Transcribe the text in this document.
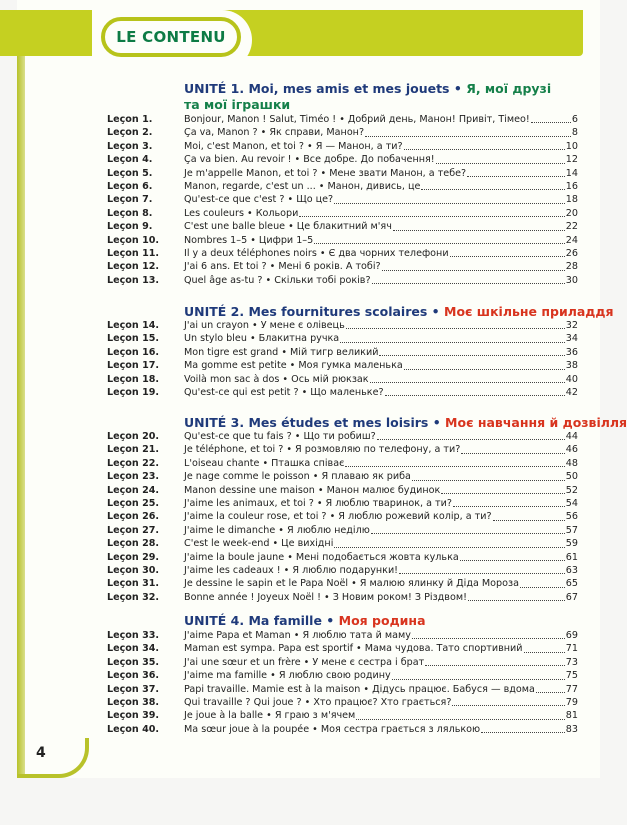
LE CONTENU
4
UNITÉ 1. Moi, mes amis et mes jouets • Я, мої друзі
та мої іграшки
Leçon 1.	Bonjour, Manon ! Salut, Timéo ! • Добрий день, Манон! Привіт, Тімео!	6
Leçon 2.	Ça va, Manon ? • Як справи, Манон?	8
Leçon 3.	Moi, c'est Manon, et toi ? • Я — Манон, а ти?	10
Leçon 4.	Ça va bien. Au revoir ! • Все добре. До побачення!	12
Leçon 5.	Je m'appelle Manon, et toi ? • Мене звати Манон, а тебе?	14
Leçon 6.	Manon, regarde, c'est un ... • Манон, дивись, це	16
Leçon 7.	Qu'est-ce que c'est ? • Що це?	18
Leçon 8.	Les couleurs • Кольори	20
Leçon 9.	C'est une balle bleue • Це блакитний м'яч	22
Leçon 10.	Nombres 1–5 • Цифри 1–5	24
Leçon 11.	Il y a deux téléphones noirs • Є два чорних телефони	26
Leçon 12.	J'ai 6 ans. Et toi ? • Мені 6 років. А тобі?	28
Leçon 13.	Quel âge as-tu ? • Скільки тобі років?	30
UNITÉ 2. Mes fournitures scolaires • Моє шкільне приладдя
Leçon 14.	J'ai un crayon • У мене є олівець	32
Leçon 15.	Un stylo bleu • Блакитна ручка	34
Leçon 16.	Mon tigre est grand • Мій тигр великий	36
Leçon 17.	Ma gomme est petite • Моя гумка маленька	38
Leçon 18.	Voilà mon sac à dos • Ось мій рюкзак	40
Leçon 19.	Qu'est-ce qui est petit ? • Що маленьке?	42
UNITÉ 3. Mes études et mes loisirs • Моє навчання й дозвілля
Leçon 20.	Qu'est-ce que tu fais ? • Що ти робиш?	44
Leçon 21.	Je téléphone, et toi ? • Я розмовляю по телефону, а ти?	46
Leçon 22.	L'oiseau chante • Пташка співає	48
Leçon 23.	Je nage comme le poisson • Я плаваю як риба	50
Leçon 24.	Manon dessine une maison • Манон малює будинок	52
Leçon 25.	J'aime les animaux, et toi ? • Я люблю тваринок, а ти?	54
Leçon 26.	J'aime la couleur rose, et toi ? • Я люблю рожевий колір, а ти?	56
Leçon 27.	J'aime le dimanche • Я люблю неділю	57
Leçon 28.	C'est le week-end • Це вихідні	59
Leçon 29.	J'aime la boule jaune • Мені подобається жовта кулька	61
Leçon 30.	J'aime les cadeaux ! • Я люблю подарунки!	63
Leçon 31.	Je dessine le sapin et le Papa Noël • Я малюю ялинку й Діда Мороза	65
Leçon 32.	Bonne année ! Joyeux Noël ! • З Новим роком! З Різдвом!	67
UNITÉ 4. Ma famille • Моя родина
Leçon 33.	J'aime Papa et Maman • Я люблю тата й маму	69
Leçon 34.	Maman est sympa. Papa est sportif • Мама чудова. Тато спортивний	71
Leçon 35.	J'ai une sœur et un frère • У мене є сестра і брат	73
Leçon 36.	J'aime ma famille • Я люблю свою родину	75
Leçon 37.	Papi travaille. Mamie est à la maison • Дідусь працює. Бабуся — вдома	77
Leçon 38.	Qui travaille ? Qui joue ? • Хто працює? Хто грається?	79
Leçon 39.	Je joue à la balle • Я граю з м'ячем	81
Leçon 40.	Ma sœur joue à la poupée • Моя сестра грається з лялькою	83
